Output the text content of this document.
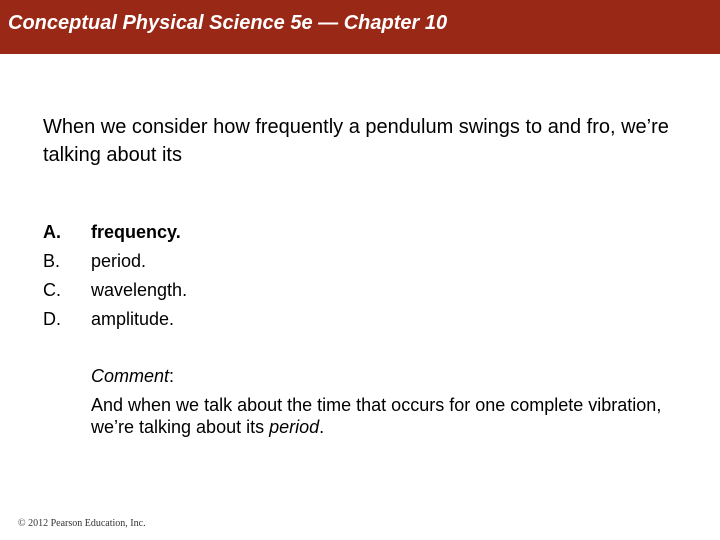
Conceptual Physical Science 5e — Chapter 10
When we consider how frequently a pendulum swings to and fro, we’re talking about its
A. frequency.
B. period.
C. wavelength.
D. amplitude.
Comment:
And when we talk about the time that occurs for one complete vibration, we’re talking about its period.
© 2012 Pearson Education, Inc.
